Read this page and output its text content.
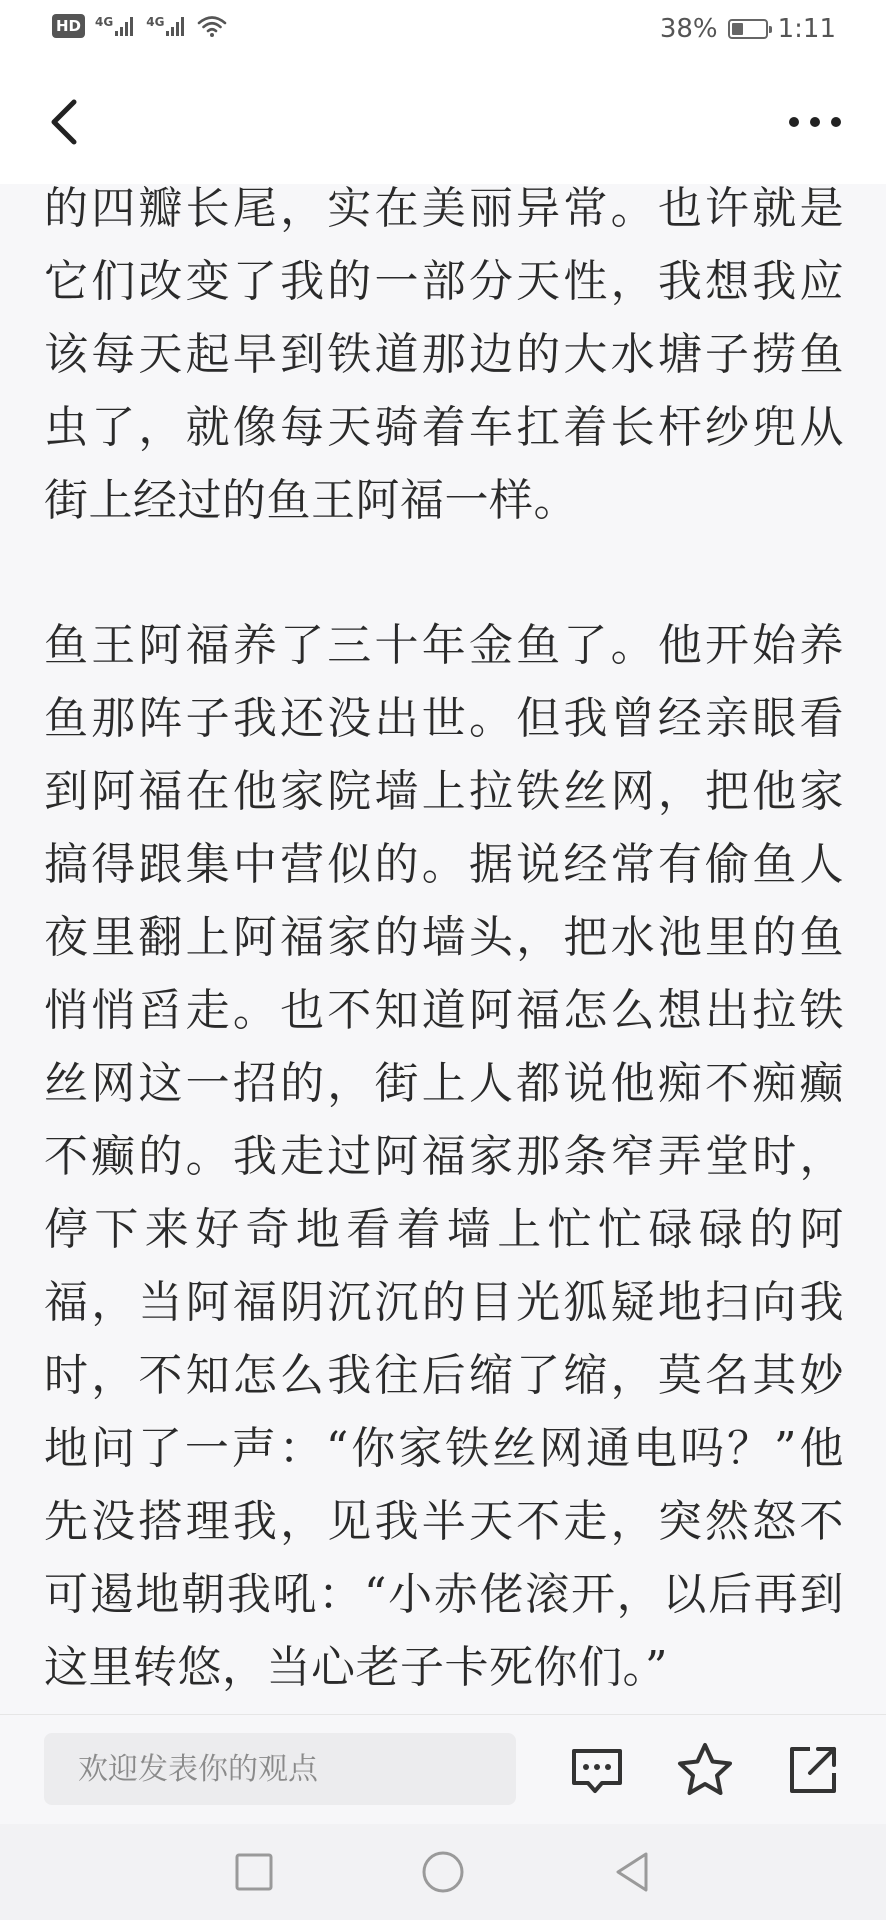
HD	4G	4G	38% 1:11

的四瓣长尾，实在美丽异常。也许就是它们改变了我的一部分天性，我想我应该每天起早到铁道那边的大水塘子捞鱼虫了，就像每天骑着车扛着长杆纱兜从街上经过的鱼王阿福一样。

鱼王阿福养了三十年金鱼了。他开始养鱼那阵子我还没出世。但我曾经亲眼看到阿福在他家院墙上拉铁丝网，把他家搞得跟集中营似的。据说经常有偷鱼人夜里翻上阿福家的墙头，把水池里的鱼悄悄舀走。也不知道阿福怎么想出拉铁丝网这一招的，街上人都说他痴不痴癫不癫的。我走过阿福家那条窄弄堂时，停下来好奇地看着墙上忙忙碌碌的阿福，当阿福阴沉沉的目光狐疑地扫向我时，不知怎么我往后缩了缩，莫名其妙地问了一声：“你家铁丝网通电吗？”他先没搭理我，见我半天不走，突然怒不可遏地朝我吼：“小赤佬滚开，以后再到这里转悠，当心老子卡死你们。”

欢迎发表你的观点
